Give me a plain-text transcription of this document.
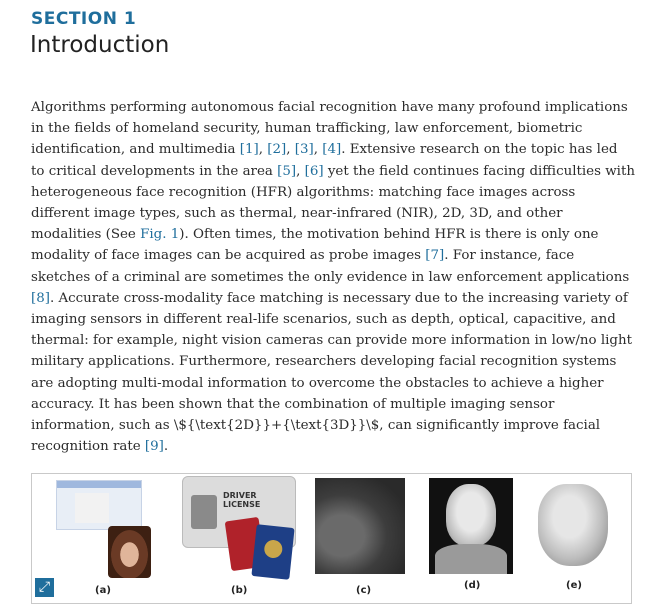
SECTION 1
Introduction

Algorithms performing autonomous facial recognition have many profound implications in the fields of homeland security, human trafficking, law enforcement, biometric identification, and multimedia [1], [2], [3], [4]. Extensive research on the topic has led to critical developments in the area [5], [6] yet the field continues facing difficulties with heterogeneous face recognition (HFR) algorithms: matching face images across different image types, such as thermal, near-infrared (NIR), 2D, 3D, and other modalities (See Fig. 1). Often times, the motivation behind HFR is there is only one modality of face images can be acquired as probe images [7]. For instance, face sketches of a criminal are sometimes the only evidence in law enforcement applications [8]. Accurate cross-modality face matching is necessary due to the increasing variety of imaging sensors in different real-life scenarios, such as depth, optical, capacitive, and thermal: for example, night vision cameras can provide more information in low/no light military applications. Furthermore, researchers developing facial recognition systems are adopting multi-modal information to overcome the obstacles to achieve a higher accuracy. It has been shown that the combination of multiple imaging sensor information, such as \${\text{2D}}+{\text{3D}}\$, can significantly improve facial recognition rate [9].

DRIVER LICENSE
(a)	(b)	(c)	(d)	(e)
⤢
